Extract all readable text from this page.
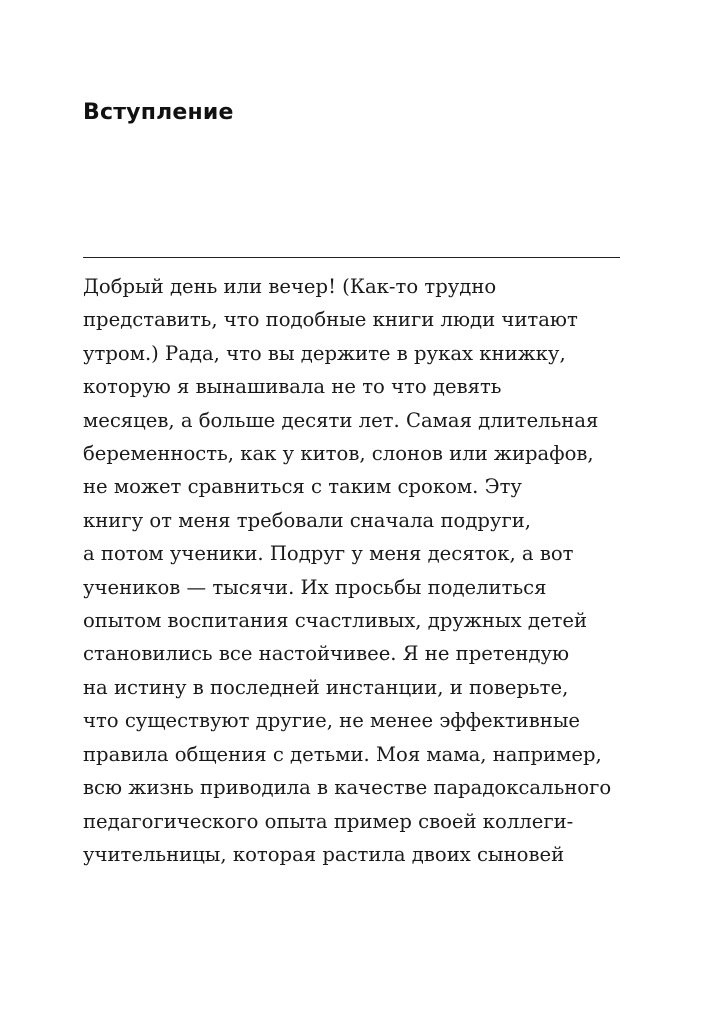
Вступление
Добрый день или вечер! (Как-то трудно
представить, что подобные книги люди читают
утром.) Рада, что вы держите в руках книжку,
которую я вынашивала не то что девять
месяцев, а больше десяти лет. Самая длительная
беременность, как у китов, слонов или жирафов,
не может сравниться с таким сроком. Эту
книгу от меня требовали сначала подруги,
а потом ученики. Подруг у меня десяток, а вот
учеников — тысячи. Их просьбы поделиться
опытом воспитания счастливых, дружных детей
становились все настойчивее. Я не претендую
на истину в последней инстанции, и поверьте,
что существуют другие, не менее эффективные
правила общения с детьми. Моя мама, например,
всю жизнь приводила в качестве парадоксального
педагогического опыта пример своей коллеги-
учительницы, которая растила двоих сыновей
